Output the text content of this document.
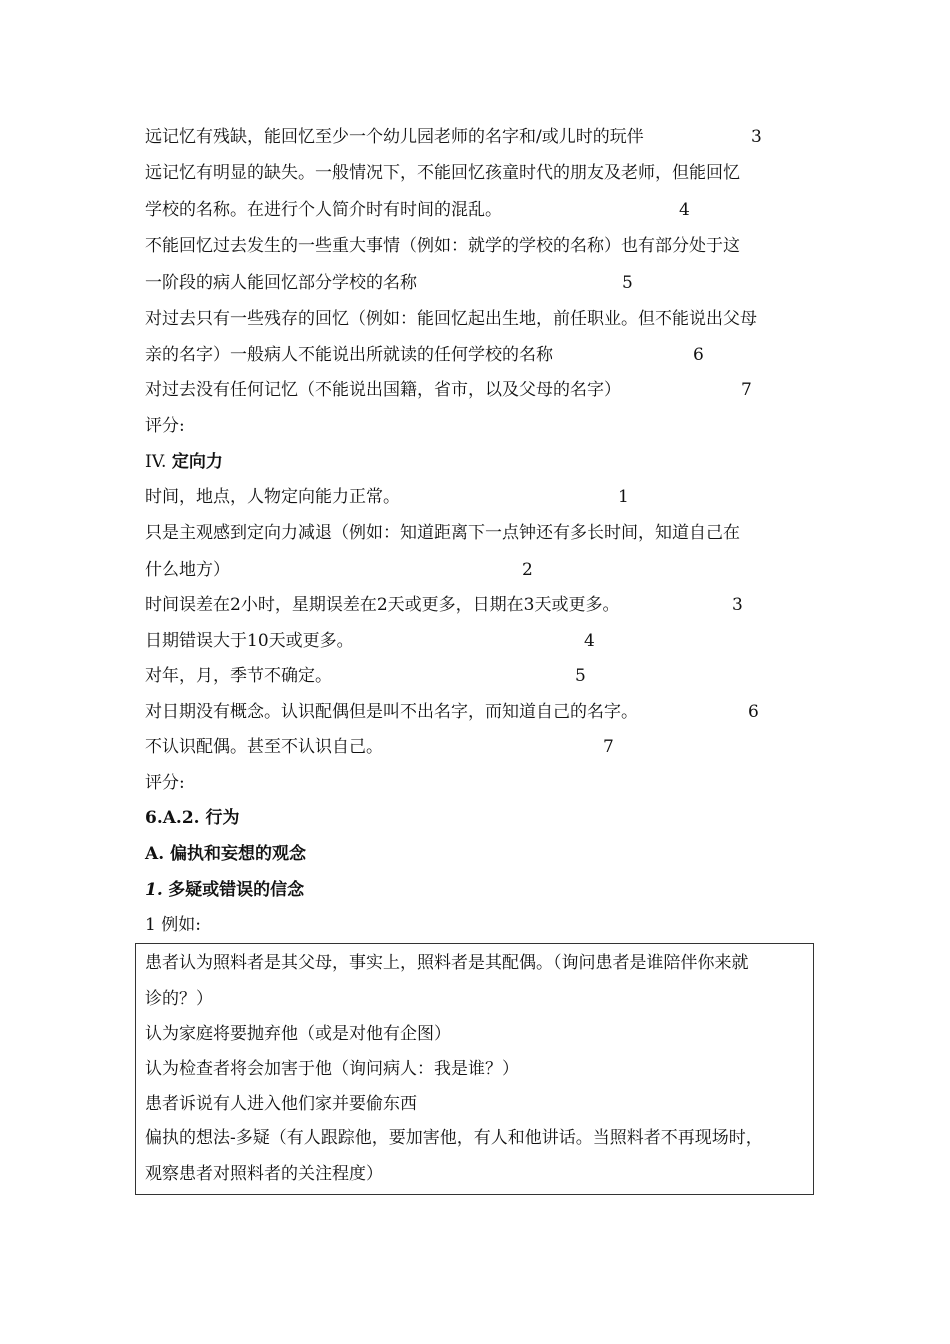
远记忆有残缺，能回忆至少一个幼儿园老师的名字和/或儿时的玩伴	3
远记忆有明显的缺失。一般情况下，不能回忆孩童时代的朋友及老师，但能回忆
学校的名称。在进行个人简介时有时间的混乱。	4
不能回忆过去发生的一些重大事情（例如：就学的学校的名称）也有部分处于这
一阶段的病人能回忆部分学校的名称	5
对过去只有一些残存的回忆（例如：能回忆起出生地，前任职业。但不能说出父母
亲的名字）一般病人不能说出所就读的任何学校的名称	6
对过去没有任何记忆（不能说出国籍，省市，以及父母的名字）	7
评分:
IV. 定向力
时间，地点，人物定向能力正常。	1
只是主观感到定向力减退（例如：知道距离下一点钟还有多长时间，知道自己在
什么地方）	2
时间误差在2小时，星期误差在2天或更多，日期在3天或更多。	3
日期错误大于10天或更多。	4
对年，月，季节不确定。	5
对日期没有概念。认识配偶但是叫不出名字，而知道自己的名字。	6
不认识配偶。甚至不认识自己。	7
评分:
6.A.2. 行为
A. 偏执和妄想的观念
1. 多疑或错误的信念
1 例如:
患者认为照料者是其父母，事实上，照料者是其配偶。（询问患者是谁陪伴你来就
诊的？）
认为家庭将要抛弃他（或是对他有企图）
认为检查者将会加害于他（询问病人：我是谁？）
患者诉说有人进入他们家并要偷东西
偏执的想法-多疑（有人跟踪他，要加害他，有人和他讲话。当照料者不再现场时，
观察患者对照料者的关注程度）
